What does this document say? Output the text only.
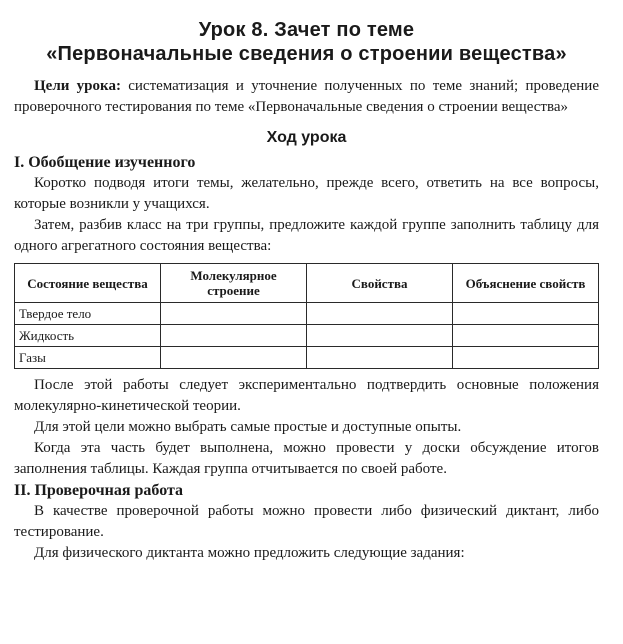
Урок 8. Зачет по теме
«Первоначальные сведения о строении вещества»

Цели урока: систематизация и уточнение полученных по теме знаний; проведение проверочного тестирования по теме «Первоначальные сведения о строении вещества»

Ход урока
I. Обобщение изученного

Коротко подводя итоги темы, желательно, прежде всего, ответить на все вопросы, которые возникли у учащихся.

Затем, разбив класс на три группы, предложите каждой группе заполнить таблицу для одного агрегатного состояния вещества:

Состояние вещества	Молекулярное строение	Свойства	Объяснение свойств
Твердое тело			
Жидкость			
Газы			

После этой работы следует экспериментально подтвердить основные положения молекулярно-кинетической теории.

Для этой цели можно выбрать самые простые и доступные опыты.

Когда эта часть будет выполнена, можно провести у доски обсуждение итогов заполнения таблицы. Каждая группа отчитывается по своей работе.

II. Проверочная работа

В качестве проверочной работы можно провести либо физический диктант, либо тестирование.

Для физического диктанта можно предложить следующие задания:
